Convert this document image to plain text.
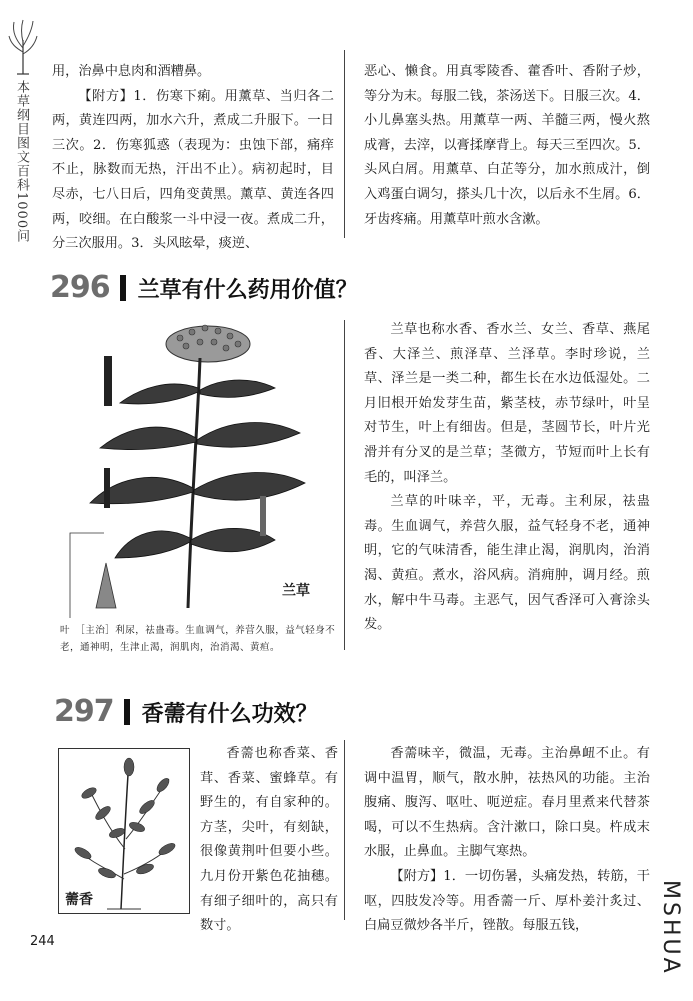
本草纲目图文百科1000问

用，治鼻中息肉和酒糟鼻。

【附方】1．伤寒下痢。用薰草、当归各二两，黄连四两，加水六升，煮成二升服下。一日三次。2．伤寒狐惑（表现为：虫蚀下部，痛痒不止，脉数而无热，汗出不止）。病初起时，目尽赤，七八日后，四角变黄黑。薰草、黄连各四两，咬细。在白酸浆一斗中浸一夜。煮成二升，分三次服用。3．头风眩晕，痰逆、

恶心、懒食。用真零陵香、藿香叶、香附子炒，等分为末。每服二钱，茶汤送下。日服三次。4．小儿鼻塞头热。用薰草一两、羊髓三两，慢火熬成膏，去滓，以膏揉摩背上。每天三至四次。5．头风白屑。用薰草、白芷等分，加水煎成汁，倒入鸡蛋白调匀，搽头几十次，以后永不生屑。6．牙齿疼痛。用薰草叶煎水含漱。

296 兰草有什么药用价值？
兰草
叶　［主治］利尿，祛蛊毒。生血调气，养营久服，益气轻身不老，通神明，生津止渴，润肌肉，治消渴、黄疸。

兰草也称水香、香水兰、女兰、香草、燕尾香、大泽兰、煎泽草、兰泽草。李时珍说，兰草、泽兰是一类二种，都生长在水边低湿处。二月旧根开始发芽生苗，紫茎枝，赤节绿叶，叶呈对节生，叶上有细齿。但是，茎圆节长，叶片光滑并有分叉的是兰草；茎微方，节短而叶上长有毛的，叫泽兰。

兰草的叶味辛，平，无毒。主利尿，祛蛊毒。生血调气，养营久服，益气轻身不老，通神明，它的气味清香，能生津止渴，润肌肉，治消渴、黄疸。煮水，浴风病。消痈肿，调月经。煎水，解中牛马毒。主恶气，因气香泽可入膏涂头发。

297 香薷有什么功效？
薷香

香薷也称香菜、香茸、香菜、蜜蜂草。有野生的，有自家种的。方茎，尖叶，有刻缺，很像黄荆叶但要小些。九月份开紫色花抽穗。有细子细叶的，高只有数寸。

香薷味辛，微温，无毒。主治鼻衄不止。有调中温胃，顺气，散水肿，祛热风的功能。主治腹痛、腹泻、呕吐、呃逆症。春月里煮来代替茶喝，可以不生热病。含汁漱口，除口臭。杵成末水服，止鼻血。主脚气寒热。

【附方】1．一切伤暑，头痛发热，转筋，干呕，四肢发冷等。用香薷一斤、厚朴姜汁炙过、白扁豆微炒各半斤，锉散。每服五钱，

244	MSHUA
